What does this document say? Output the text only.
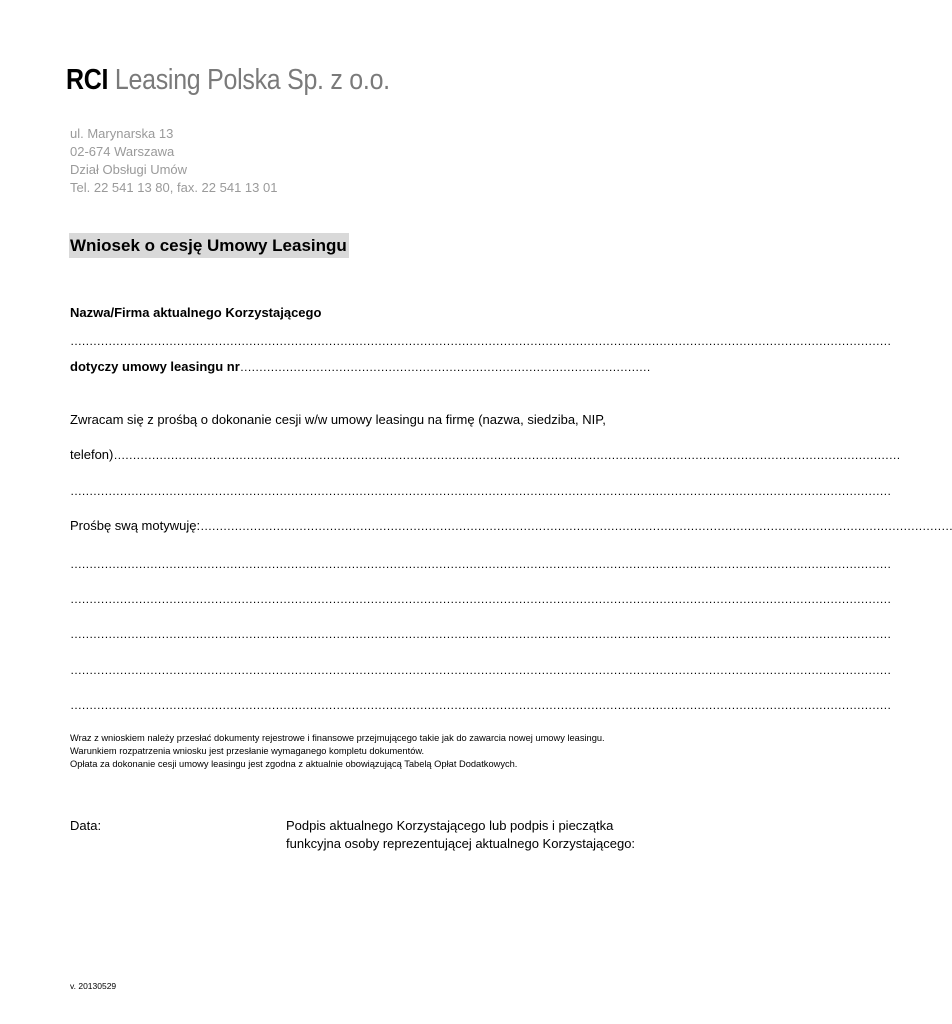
RCI Leasing Polska Sp. z o.o.
ul. Marynarska 13
02-674 Warszawa
Dział Obsługi Umów
Tel. 22 541 13 80, fax. 22 541 13 01
Wniosek o cesję Umowy Leasingu
Nazwa/Firma aktualnego Korzystającego
………………………………………………………………………………………………………………………………………………………………………………………………
dotyczy umowy leasingu nr………………………………………………………………………………………………
Zwracam się z prośbą o dokonanie cesji w/w umowy leasingu na firmę (nazwa, siedziba, NIP,
telefon)………………………………………………………………………………………………………………………………………………………………………………………
………………………………………………………………………………………………………………………………………………………………………………………………
Prośbę swą motywuję:………………………………………………………………………………………………………………………………………………………………………………
………………………………………………………………………………………………………………………………………………………………………………………………
………………………………………………………………………………………………………………………………………………………………………………………………
………………………………………………………………………………………………………………………………………………………………………………………………
………………………………………………………………………………………………………………………………………………………………………………………………
………………………………………………………………………………………………………………………………………………………………………………………………
Wraz z wnioskiem należy przesłać dokumenty rejestrowe i finansowe przejmującego takie jak do zawarcia nowej umowy leasingu.
Warunkiem rozpatrzenia wniosku jest przesłanie wymaganego kompletu dokumentów.
Opłata za dokonanie cesji umowy leasingu jest zgodna z aktualnie obowiązującą Tabelą Opłat Dodatkowych.
Data:	Podpis aktualnego Korzystającego lub podpis i pieczątka
funkcyjna osoby reprezentującej aktualnego Korzystającego:
v. 20130529
